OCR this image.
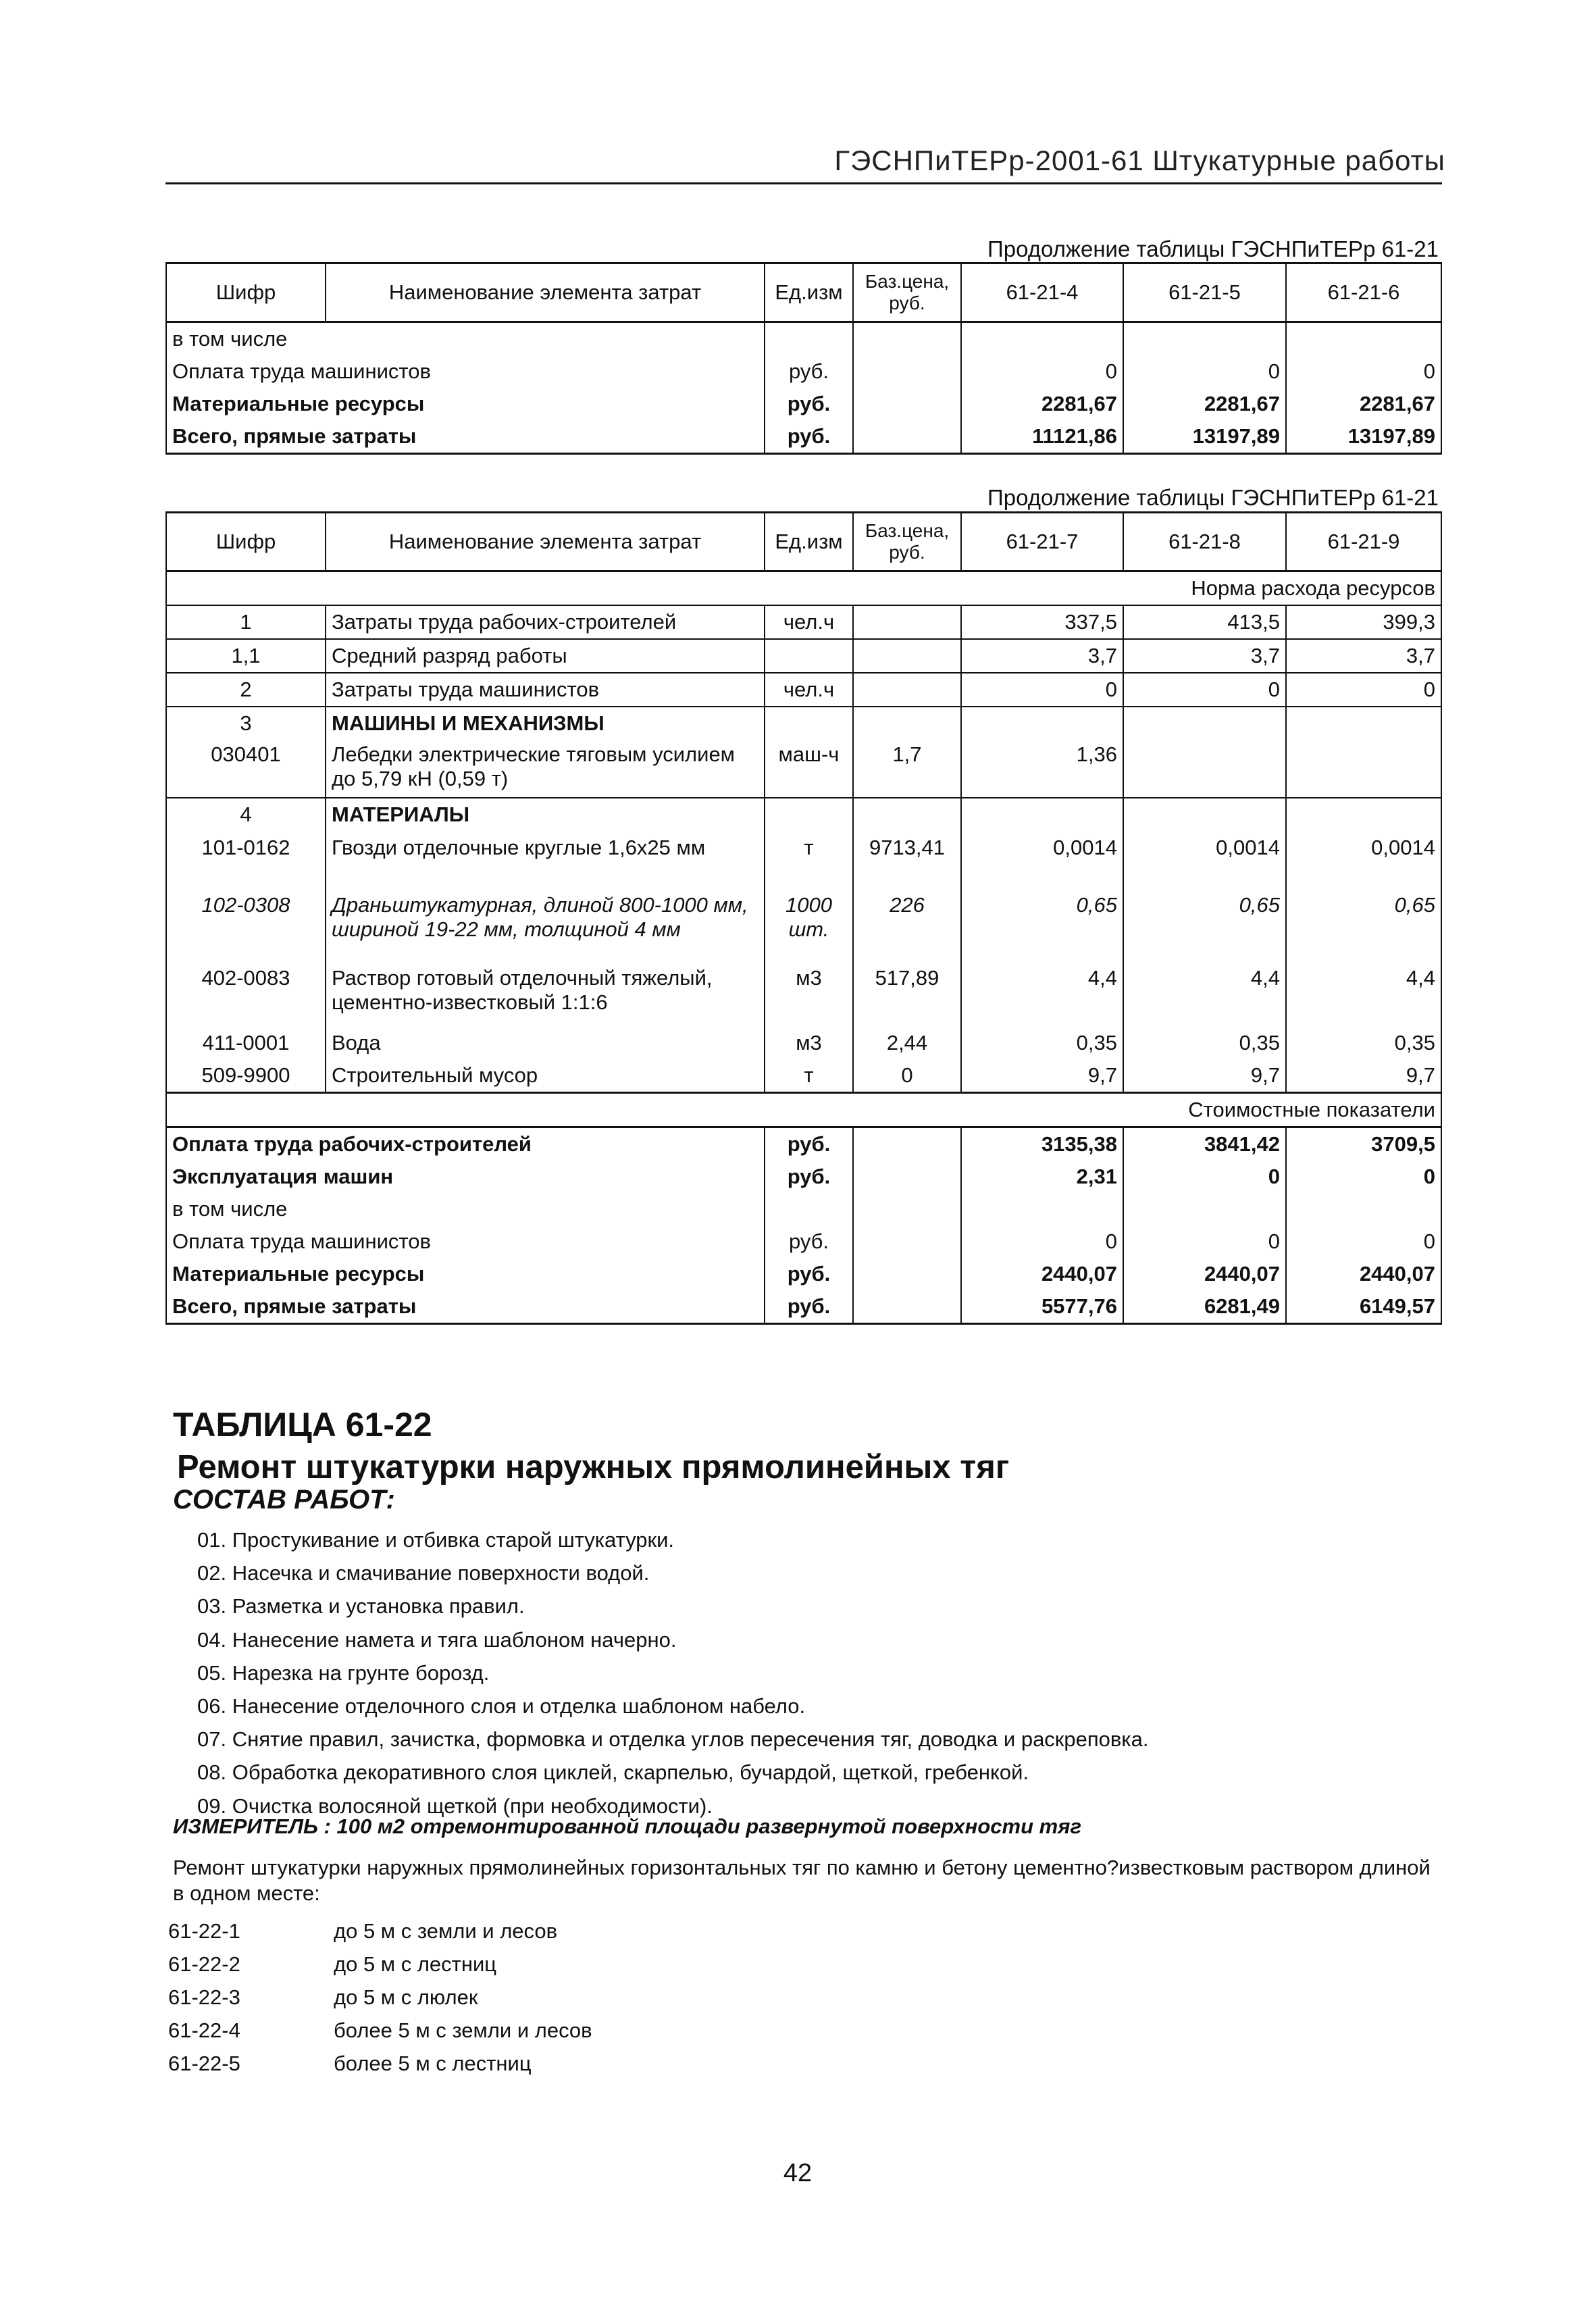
ГЭСНПиТЕРр-2001-61 Штукатурные работы
Продолжение таблицы ГЭСНПиТЕРр 61-21
Шифр	Наименование элемента затрат	Ед.изм	Баз.цена, руб.	61-21-4	61-21-5	61-21-6
в том числе						
Оплата труда машинистов		руб.		0	0	0
Материальные ресурсы		руб.		2281,67	2281,67	2281,67
Всего, прямые затраты		руб.		11121,86	13197,89	13197,89
Продолжение таблицы ГЭСНПиТЕРр 61-21
Шифр	Наименование элемента затрат	Ед.изм	Баз.цена, руб.	61-21-7	61-21-8	61-21-9
Норма расхода ресурсов						
1	Затраты труда рабочих-строителей	чел.ч		337,5	413,5	399,3
1,1	Средний разряд работы			3,7	3,7	3,7
2	Затраты труда машинистов	чел.ч		0	0	0
3	МАШИНЫ И МЕХАНИЗМЫ					
030401	Лебедки электрические тяговым усилием до 5,79 кН (0,59 т)	маш-ч	1,7	1,36		
4	МАТЕРИАЛЫ					
101-0162	Гвозди отделочные круглые 1,6х25 мм	т	9713,41	0,0014	0,0014	0,0014
102-0308	Драньштукатурная, длиной 800-1000 мм, шириной 19-22 мм, толщиной 4 мм	1000 шт.	226	0,65	0,65	0,65
402-0083	Раствор готовый отделочный тяжелый, цементно-известковый 1:1:6	м3	517,89	4,4	4,4	4,4
411-0001	Вода	м3	2,44	0,35	0,35	0,35
509-9900	Строительный мусор	т	0	9,7	9,7	9,7
Стоимостные показатели						
Оплата труда рабочих-строителей		руб.		3135,38	3841,42	3709,5
Эксплуатация машин		руб.		2,31	0	0
в том числе						
Оплата труда машинистов		руб.		0	0	0
Материальные ресурсы		руб.		2440,07	2440,07	2440,07
Всего, прямые затраты		руб.		5577,76	6281,49	6149,57
ТАБЛИЦА 61-22
Ремонт штукатурки наружных прямолинейных тяг
СОСТАВ РАБОТ:
01. Простукивание и отбивка старой штукатурки.
02. Насечка и смачивание поверхности водой.
03. Разметка и установка правил.
04. Нанесение намета и тяга шаблоном начерно.
05. Нарезка на грунте борозд.
06. Нанесение отделочного слоя и отделка шаблоном набело.
07. Снятие правил, зачистка, формовка и отделка углов пересечения тяг, доводка и раскреповка.
08. Обработка декоративного слоя циклей, скарпелью, бучардой, щеткой, гребенкой.
09. Очистка волосяной щеткой (при необходимости).
ИЗМЕРИТЕЛЬ : 100 м2 отремонтированной площади развернутой поверхности тяг
Ремонт штукатурки наружных прямолинейных горизонтальных тяг по камню и бетону цементно?известковым раствором длиной в одном месте:
61-22-1	до 5 м с земли и лесов
61-22-2	до 5 м с лестниц
61-22-3	до 5 м с люлек
61-22-4	более 5 м с земли и лесов
61-22-5	более 5 м с лестниц
42
